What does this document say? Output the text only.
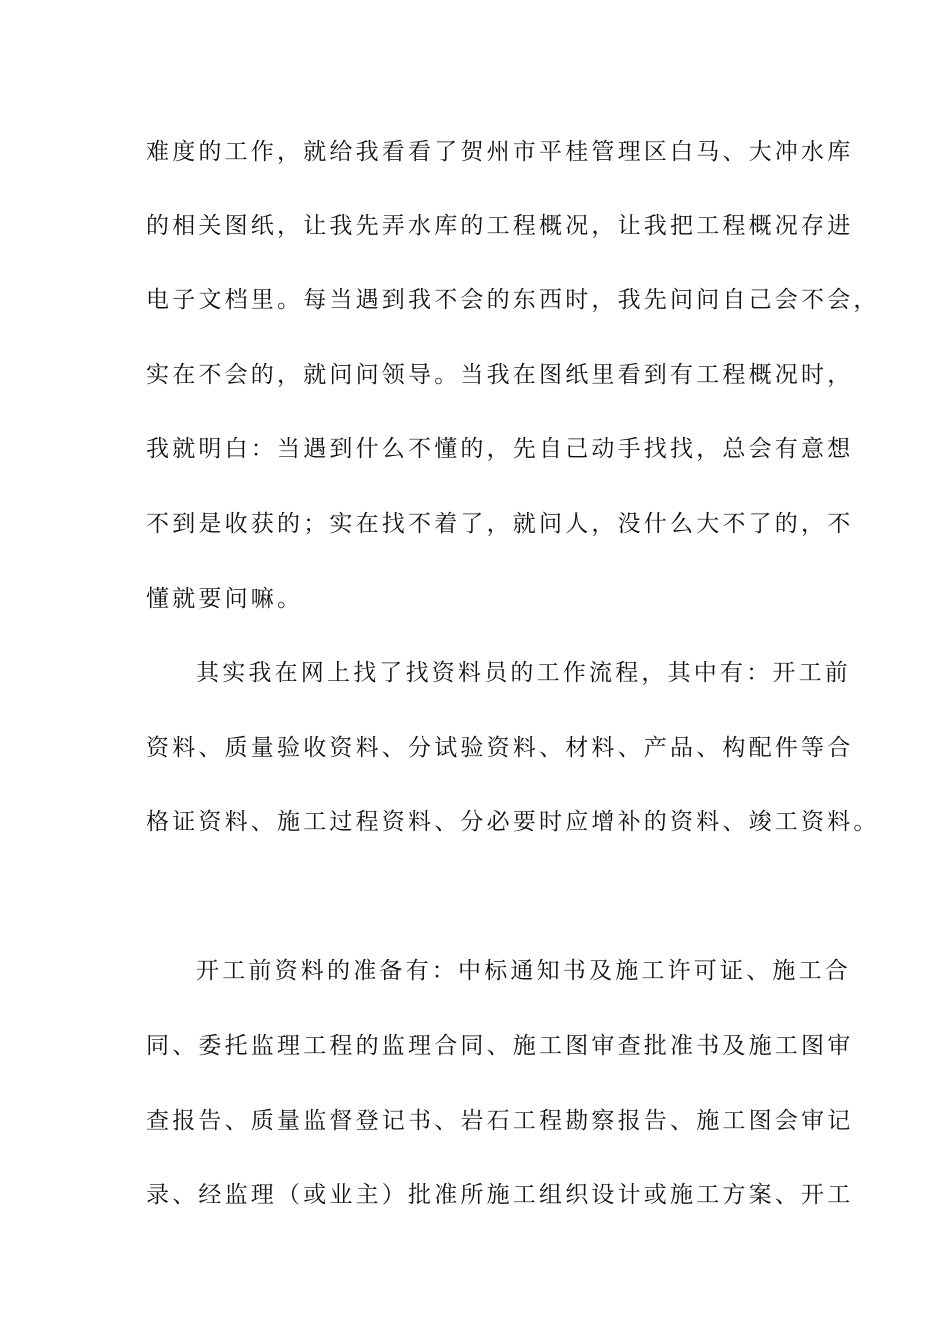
难度的工作，就给我看看了贺州市平桂管理区白马、大冲水库
的相关图纸，让我先弄水库的工程概况，让我把工程概况存进
电子文档里。每当遇到我不会的东西时，我先问问自己会不会，
实在不会的，就问问领导。当我在图纸里看到有工程概况时，
我就明白：当遇到什么不懂的，先自己动手找找，总会有意想
不到是收获的；实在找不着了，就问人，没什么大不了的，不
懂就要问嘛。
其实我在网上找了找资料员的工作流程，其中有：开工前
资料、质量验收资料、分试验资料、材料、产品、构配件等合
格证资料、施工过程资料、分必要时应增补的资料、竣工资料。
开工前资料的准备有：中标通知书及施工许可证、施工合
同、委托监理工程的监理合同、施工图审查批准书及施工图审
查报告、质量监督登记书、岩石工程勘察报告、施工图会审记
录、经监理（或业主）批准所施工组织设计或施工方案、开工
